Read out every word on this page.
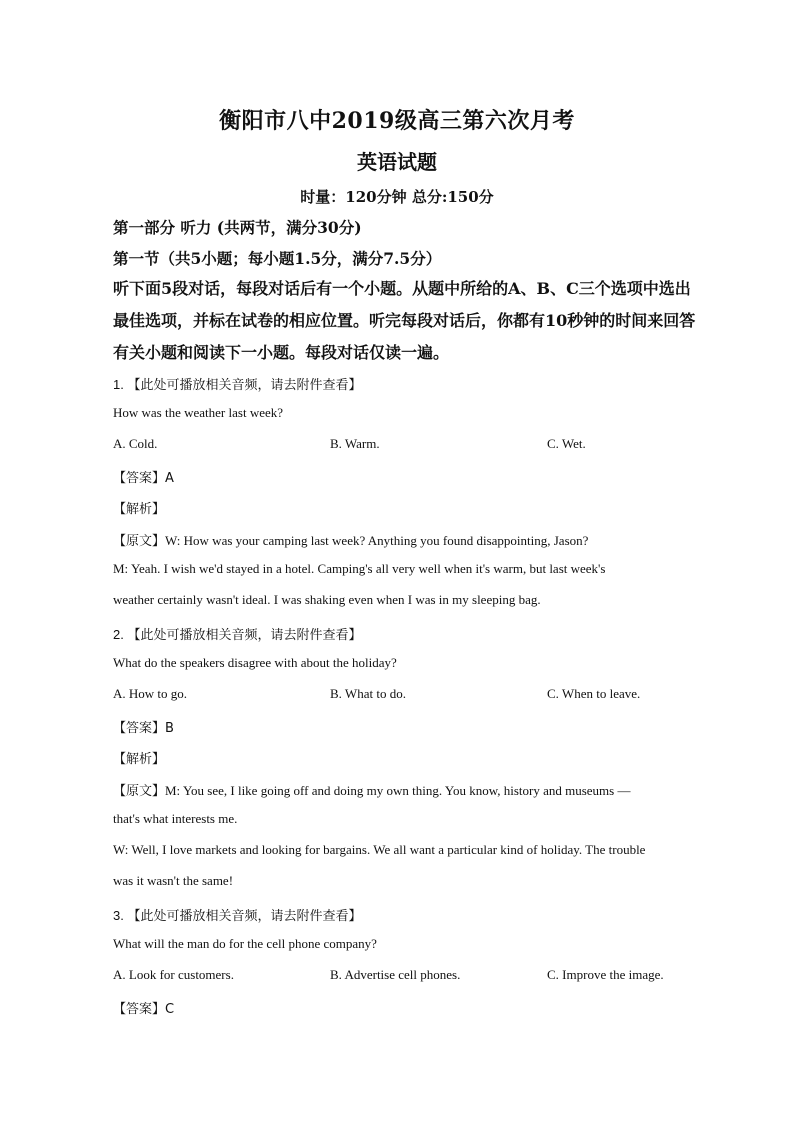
衡阳市八中2019级高三第六次月考
英语试题
时量：120分钟 总分:150分
第一部分 听力 (共两节，满分30分)
第一节（共5小题；每小题1.5分，满分7.5分）
听下面5段对话，每段对话后有一个小题。从题中所给的A、B、C三个选项中选出
最佳选项，并标在试卷的相应位置。听完每段对话后，你都有10秒钟的时间来回答
有关小题和阅读下一小题。每段对话仅读一遍。
1. 【此处可播放相关音频，请去附件查看】
How was the weather last week?
A. Cold.	B. Warm.	C. Wet.
【答案】A
【解析】
【原文】W: How was your camping last week? Anything you found disappointing, Jason?
M: Yeah. I wish we'd stayed in a hotel. Camping's all very well when it's warm, but last week's
weather certainly wasn't ideal. I was shaking even when I was in my sleeping bag.
2. 【此处可播放相关音频，请去附件查看】
What do the speakers disagree with about the holiday?
A. How to go.	B. What to do.	C. When to leave.
【答案】B
【解析】
【原文】M: You see, I like going off and doing my own thing. You know, history and museums —
that's what interests me.
W: Well, I love markets and looking for bargains. We all want a particular kind of holiday. The trouble
was it wasn't the same!
3. 【此处可播放相关音频，请去附件查看】
What will the man do for the cell phone company?
A. Look for customers.	B. Advertise cell phones.	C. Improve the image.
【答案】C
